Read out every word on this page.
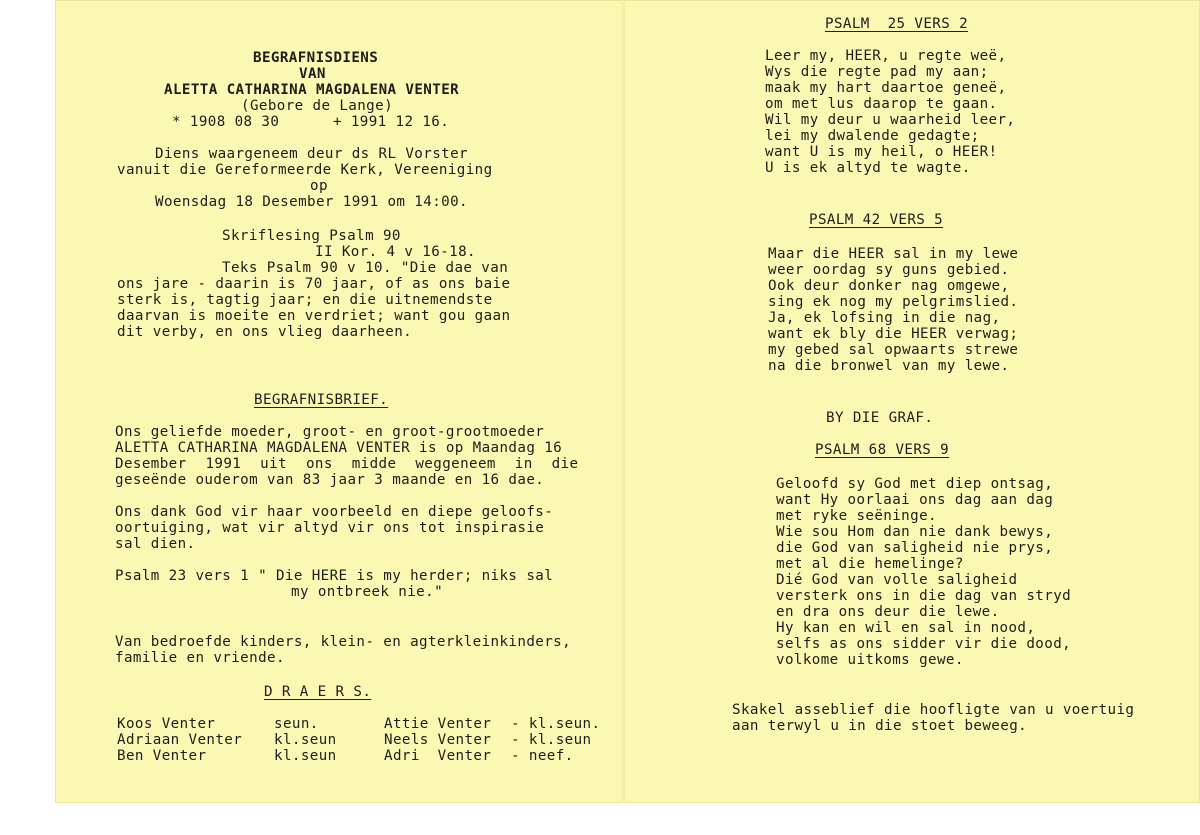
BEGRAFNISDIENS
VAN
ALETTA CATHARINA MAGDALENA VENTER
(Gebore de Lange)
* 1908 08 30      + 1991 12 16.
Diens waargeneem deur ds RL Vorster
vanuit die Gereformeerde Kerk, Vereeniging
op
Woensdag 18 Desember 1991 om 14:00.
Skriflesing Psalm 90
II Kor. 4 v 16-18.
Teks Psalm 90 v 10. "Die dae van
ons jare - daarin is 70 jaar, of as ons baie
sterk is, tagtig jaar; en die uitnemendste
daarvan is moeite en verdriet; want gou gaan
dit verby, en ons vlieg daarheen.
BEGRAFNISBRIEF.
Ons geliefde moeder, groot- en groot-grootmoeder
ALETTA CATHARINA MAGDALENA VENTER is op Maandag 16
Desember 1991 uit ons midde weggeneem in die
geseënde ouderom van 83 jaar 3 maande en 16 dae.
Ons dank God vir haar voorbeeld en diepe geloofs-
oortuiging, wat vir altyd vir ons tot inspirasie
sal dien.
Psalm 23 vers 1 " Die HERE is my herder; niks sal
my ontbreek nie."
Van bedroefde kinders, klein- en agterkleinkinders,
familie en vriende.
D R A E R S.
Koos Venter	seun.	Attie Venter - kl.seun.
Adriaan Venter kl.seun	Neels Venter - kl.seun
Ben Venter	kl.seun	Adri  Venter - neef.
PSALM  25 VERS 2
Leer my, HEER, u regte weë,
Wys die regte pad my aan;
maak my hart daartoe geneë,
om met lus daarop te gaan.
Wil my deur u waarheid leer,
lei my dwalende gedagte;
want U is my heil, o HEER!
U is ek altyd te wagte.
PSALM 42 VERS 5
Maar die HEER sal in my lewe
weer oordag sy guns gebied.
Ook deur donker nag omgewe,
sing ek nog my pelgrimslied.
Ja, ek lofsing in die nag,
want ek bly die HEER verwag;
my gebed sal opwaarts strewe
na die bronwel van my lewe.
BY DIE GRAF.
PSALM 68 VERS 9
Geloofd sy God met diep ontsag,
want Hy oorlaai ons dag aan dag
met ryke seëninge.
Wie sou Hom dan nie dank bewys,
die God van saligheid nie prys,
met al die hemelinge?
Dié God van volle saligheid
versterk ons in die dag van stryd
en dra ons deur die lewe.
Hy kan en wil en sal in nood,
selfs as ons sidder vir die dood,
volkome uitkoms gewe.
Skakel asseblief die hoofligte van u voertuig
aan terwyl u in die stoet beweeg.
